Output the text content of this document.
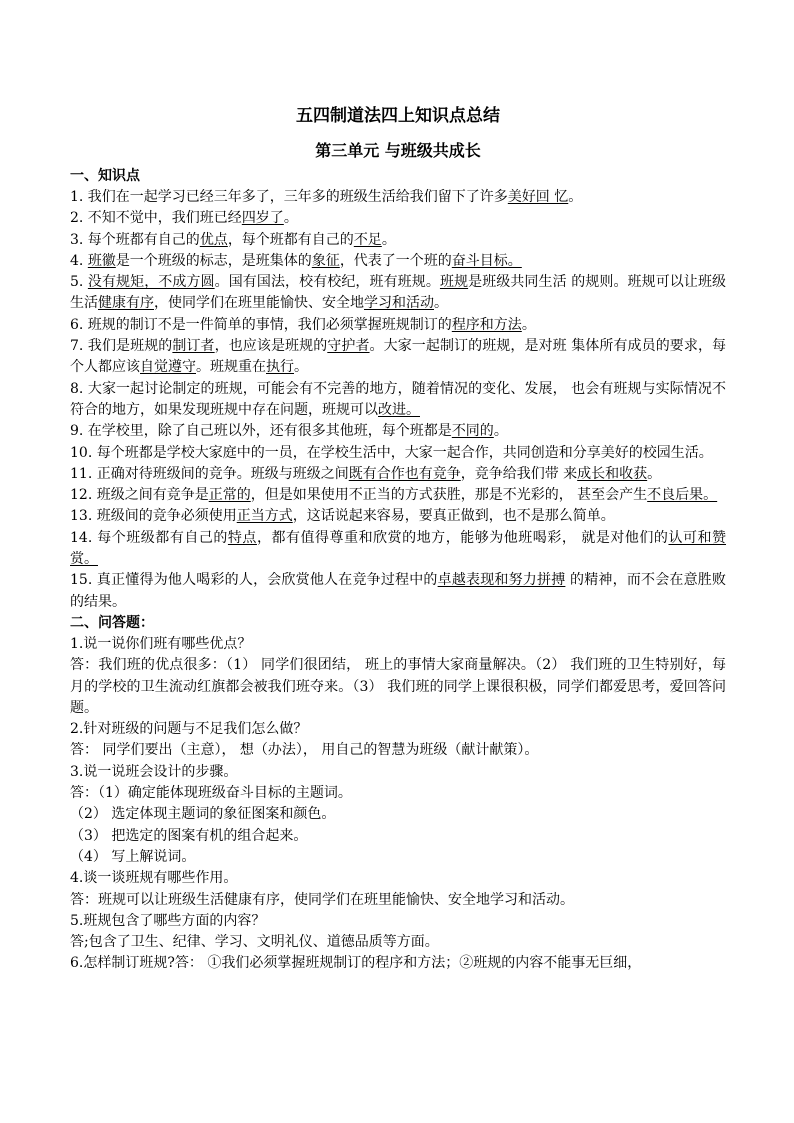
五四制道法四上知识点总结
第三单元 与班级共成长
一、知识点

1. 我们在一起学习已经三年多了，三年多的班级生活给我们留下了许多美好回 忆。

2. 不知不觉中，我们班已经四岁了。

3. 每个班都有自己的优点，每个班都有自己的不足。

4. 班徽是一个班级的标志，是班集体的象征，代表了一个班的奋斗目标。

5. 没有规矩，不成方圆。国有国法，校有校纪，班有班规。班规是班级共同生活 的规则。班规可以让班级生活健康有序，使同学们在班里能愉快、安全地学习和活动。

6. 班规的制订不是一件简单的事情，我们必须掌握班规制订的程序和方法。

7. 我们是班规的制订者，也应该是班规的守护者。大家一起制订的班规，是对班 集体所有成员的要求，每个人都应该自觉遵守。班规重在执行。

8. 大家一起讨论制定的班规，可能会有不完善的地方，随着情况的变化、发展， 也会有班规与实际情况不符合的地方，如果发现班规中存在问题，班规可以改进。

9. 在学校里，除了自己班以外，还有很多其他班，每个班都是不同的。

10. 每个班都是学校大家庭中的一员，在学校生活中，大家一起合作，共同创造和分享美好的校园生活。

11. 正确对待班级间的竞争。班级与班级之间既有合作也有竞争，竞争给我们带 来成长和收获。

12. 班级之间有竞争是正常的，但是如果使用不正当的方式获胜，那是不光彩的， 甚至会产生不良后果。

13. 班级间的竞争必须使用正当方式，这话说起来容易，要真正做到，也不是那么简单。

14. 每个班级都有自己的特点，都有值得尊重和欣赏的地方，能够为他班喝彩， 就是对他们的认可和赞赏。

15. 真正懂得为他人喝彩的人，会欣赏他人在竞争过程中的卓越表现和努力拼搏 的精神，而不会在意胜败的结果。

二、问答题：

1.说一说你们班有哪些优点？

答：我们班的优点很多：（1） 同学们很团结， 班上的事情大家商量解决。（2） 我们班的卫生特别好，每月的学校的卫生流动红旗都会被我们班夺来。（3） 我们班的同学上课很积极，同学们都爱思考，爱回答问题。

2.针对班级的问题与不足我们怎么做？

答： 同学们要出（主意）， 想（办法）， 用自己的智慧为班级（献计献策）。

3.说一说班会设计的步骤。

答：（1）确定能体现班级奋斗目标的主题词。

（2） 选定体现主题词的象征图案和颜色。

（3） 把选定的图案有机的组合起来。

（4） 写上解说词。

4.谈一谈班规有哪些作用。

答：班规可以让班级生活健康有序，使同学们在班里能愉快、安全地学习和活动。

5.班规包含了哪些方面的内容？

答;包含了卫生、纪律、学习、文明礼仪、道德品质等方面。

6.怎样制订班规?答： ①我们必须掌握班规制订的程序和方法；②班规的内容不能事无巨细，
